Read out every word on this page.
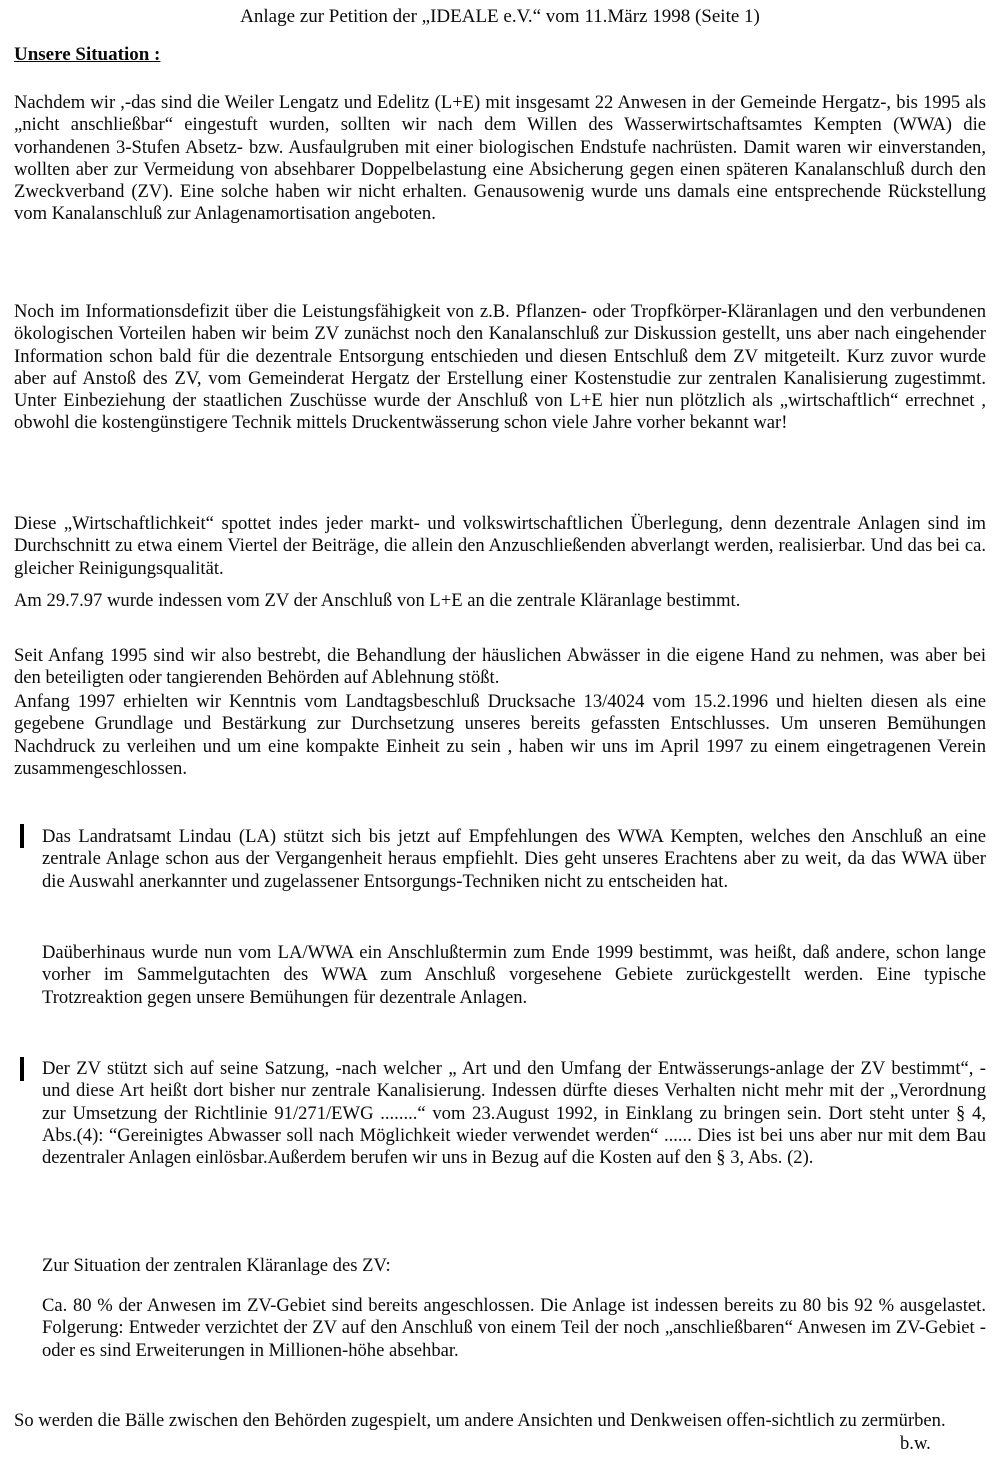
Anlage zur Petition der „IDEALE e.V.“ vom 11.März 1998 (Seite 1)
Unsere Situation :

Nachdem wir ,-das sind die Weiler Lengatz und Edelitz (L+E) mit insgesamt 22 Anwesen in der Gemeinde Hergatz-, bis 1995 als „nicht anschließbar“ eingestuft wurden, sollten wir nach dem Willen des Wasserwirtschaftsamtes Kempten (WWA) die vorhandenen 3-Stufen Absetz- bzw. Ausfaulgruben mit einer biologischen Endstufe nachrüsten. Damit waren wir einverstanden, wollten aber zur Vermeidung von absehbarer Doppelbelastung eine Absicherung gegen einen späteren Kanalanschluß durch den Zweckverband (ZV). Eine solche haben wir nicht erhalten. Genausowenig wurde uns damals eine entsprechende Rückstellung vom Kanalanschluß zur Anlagenamortisation angeboten.

Noch im Informationsdefizit über die Leistungsfähigkeit von z.B. Pflanzen- oder Tropfkörper-Kläranlagen und den verbundenen ökologischen Vorteilen haben wir beim ZV zunächst noch den Kanalanschluß zur Diskussion gestellt, uns aber nach eingehender Information schon bald für die dezentrale Entsorgung entschieden und diesen Entschluß dem ZV mitgeteilt. Kurz zuvor wurde aber auf Anstoß des ZV, vom Gemeinderat Hergatz der Erstellung einer Kostenstudie zur zentralen Kanalisierung zugestimmt. Unter Einbeziehung der staatlichen Zuschüsse wurde der Anschluß von L+E hier nun plötzlich als „wirtschaftlich“ errechnet , obwohl die kostengünstigere Technik mittels Druckentwässerung schon viele Jahre vorher bekannt war!

Diese „Wirtschaftlichkeit“ spottet indes jeder markt- und volkswirtschaftlichen Überlegung, denn dezentrale Anlagen sind im Durchschnitt zu etwa einem Viertel der Beiträge, die allein den Anzuschließenden abverlangt werden, realisierbar. Und das bei ca. gleicher Reinigungsqualität.

Am 29.7.97 wurde indessen vom ZV der Anschluß von L+E an die zentrale Kläranlage bestimmt.

Seit Anfang 1995 sind wir also bestrebt, die Behandlung der häuslichen Abwässer in die eigene Hand zu nehmen, was aber bei den beteiligten oder tangierenden Behörden auf Ablehnung stößt.

Anfang 1997 erhielten wir Kenntnis vom Landtagsbeschluß Drucksache 13/4024 vom 15.2.1996 und hielten diesen als eine gegebene Grundlage und Bestärkung zur Durchsetzung unseres bereits gefassten Entschlusses. Um unseren Bemühungen Nachdruck zu verleihen und um eine kompakte Einheit zu sein , haben wir uns im April 1997 zu einem eingetragenen Verein zusammengeschlossen.

Das Landratsamt Lindau (LA) stützt sich bis jetzt auf Empfehlungen des WWA Kempten, welches den Anschluß an eine zentrale Anlage schon aus der Vergangenheit heraus empfiehlt. Dies geht unseres Erachtens aber zu weit, da das WWA über die Auswahl anerkannter und zugelassener Entsorgungs-Techniken nicht zu entscheiden hat.

Daüberhinaus wurde nun vom LA/WWA ein Anschlußtermin zum Ende 1999 bestimmt, was heißt, daß andere, schon lange vorher im Sammelgutachten des WWA zum Anschluß vorgesehene Gebiete zurückgestellt werden. Eine typische Trotzreaktion gegen unsere Bemühungen für dezentrale Anlagen.

Der ZV stützt sich auf seine Satzung, -nach welcher „ Art und den Umfang der Entwässerungs-anlage der ZV bestimmt“, - und diese Art heißt dort bisher nur zentrale Kanalisierung. Indessen dürfte dieses Verhalten nicht mehr mit der „Verordnung zur Umsetzung der Richtlinie 91/271/EWG ........“ vom 23.August 1992, in Einklang zu bringen sein. Dort steht unter § 4, Abs.(4): “Gereinigtes Abwasser soll nach Möglichkeit wieder verwendet werden“ ...... Dies ist bei uns aber nur mit dem Bau dezentraler Anlagen einlösbar.Außerdem berufen wir uns in Bezug auf die Kosten auf den § 3, Abs. (2).

Zur Situation der zentralen Kläranlage des ZV:

Ca. 80 % der Anwesen im ZV-Gebiet sind bereits angeschlossen. Die Anlage ist indessen bereits zu 80 bis 92 % ausgelastet. Folgerung: Entweder verzichtet der ZV auf den Anschluß von einem Teil der noch „anschließbaren“ Anwesen im ZV-Gebiet - oder es sind Erweiterungen in Millionen-höhe absehbar.

So werden die Bälle zwischen den Behörden zugespielt, um andere Ansichten und Denkweisen offen-sichtlich zu zermürben.

b.w.
